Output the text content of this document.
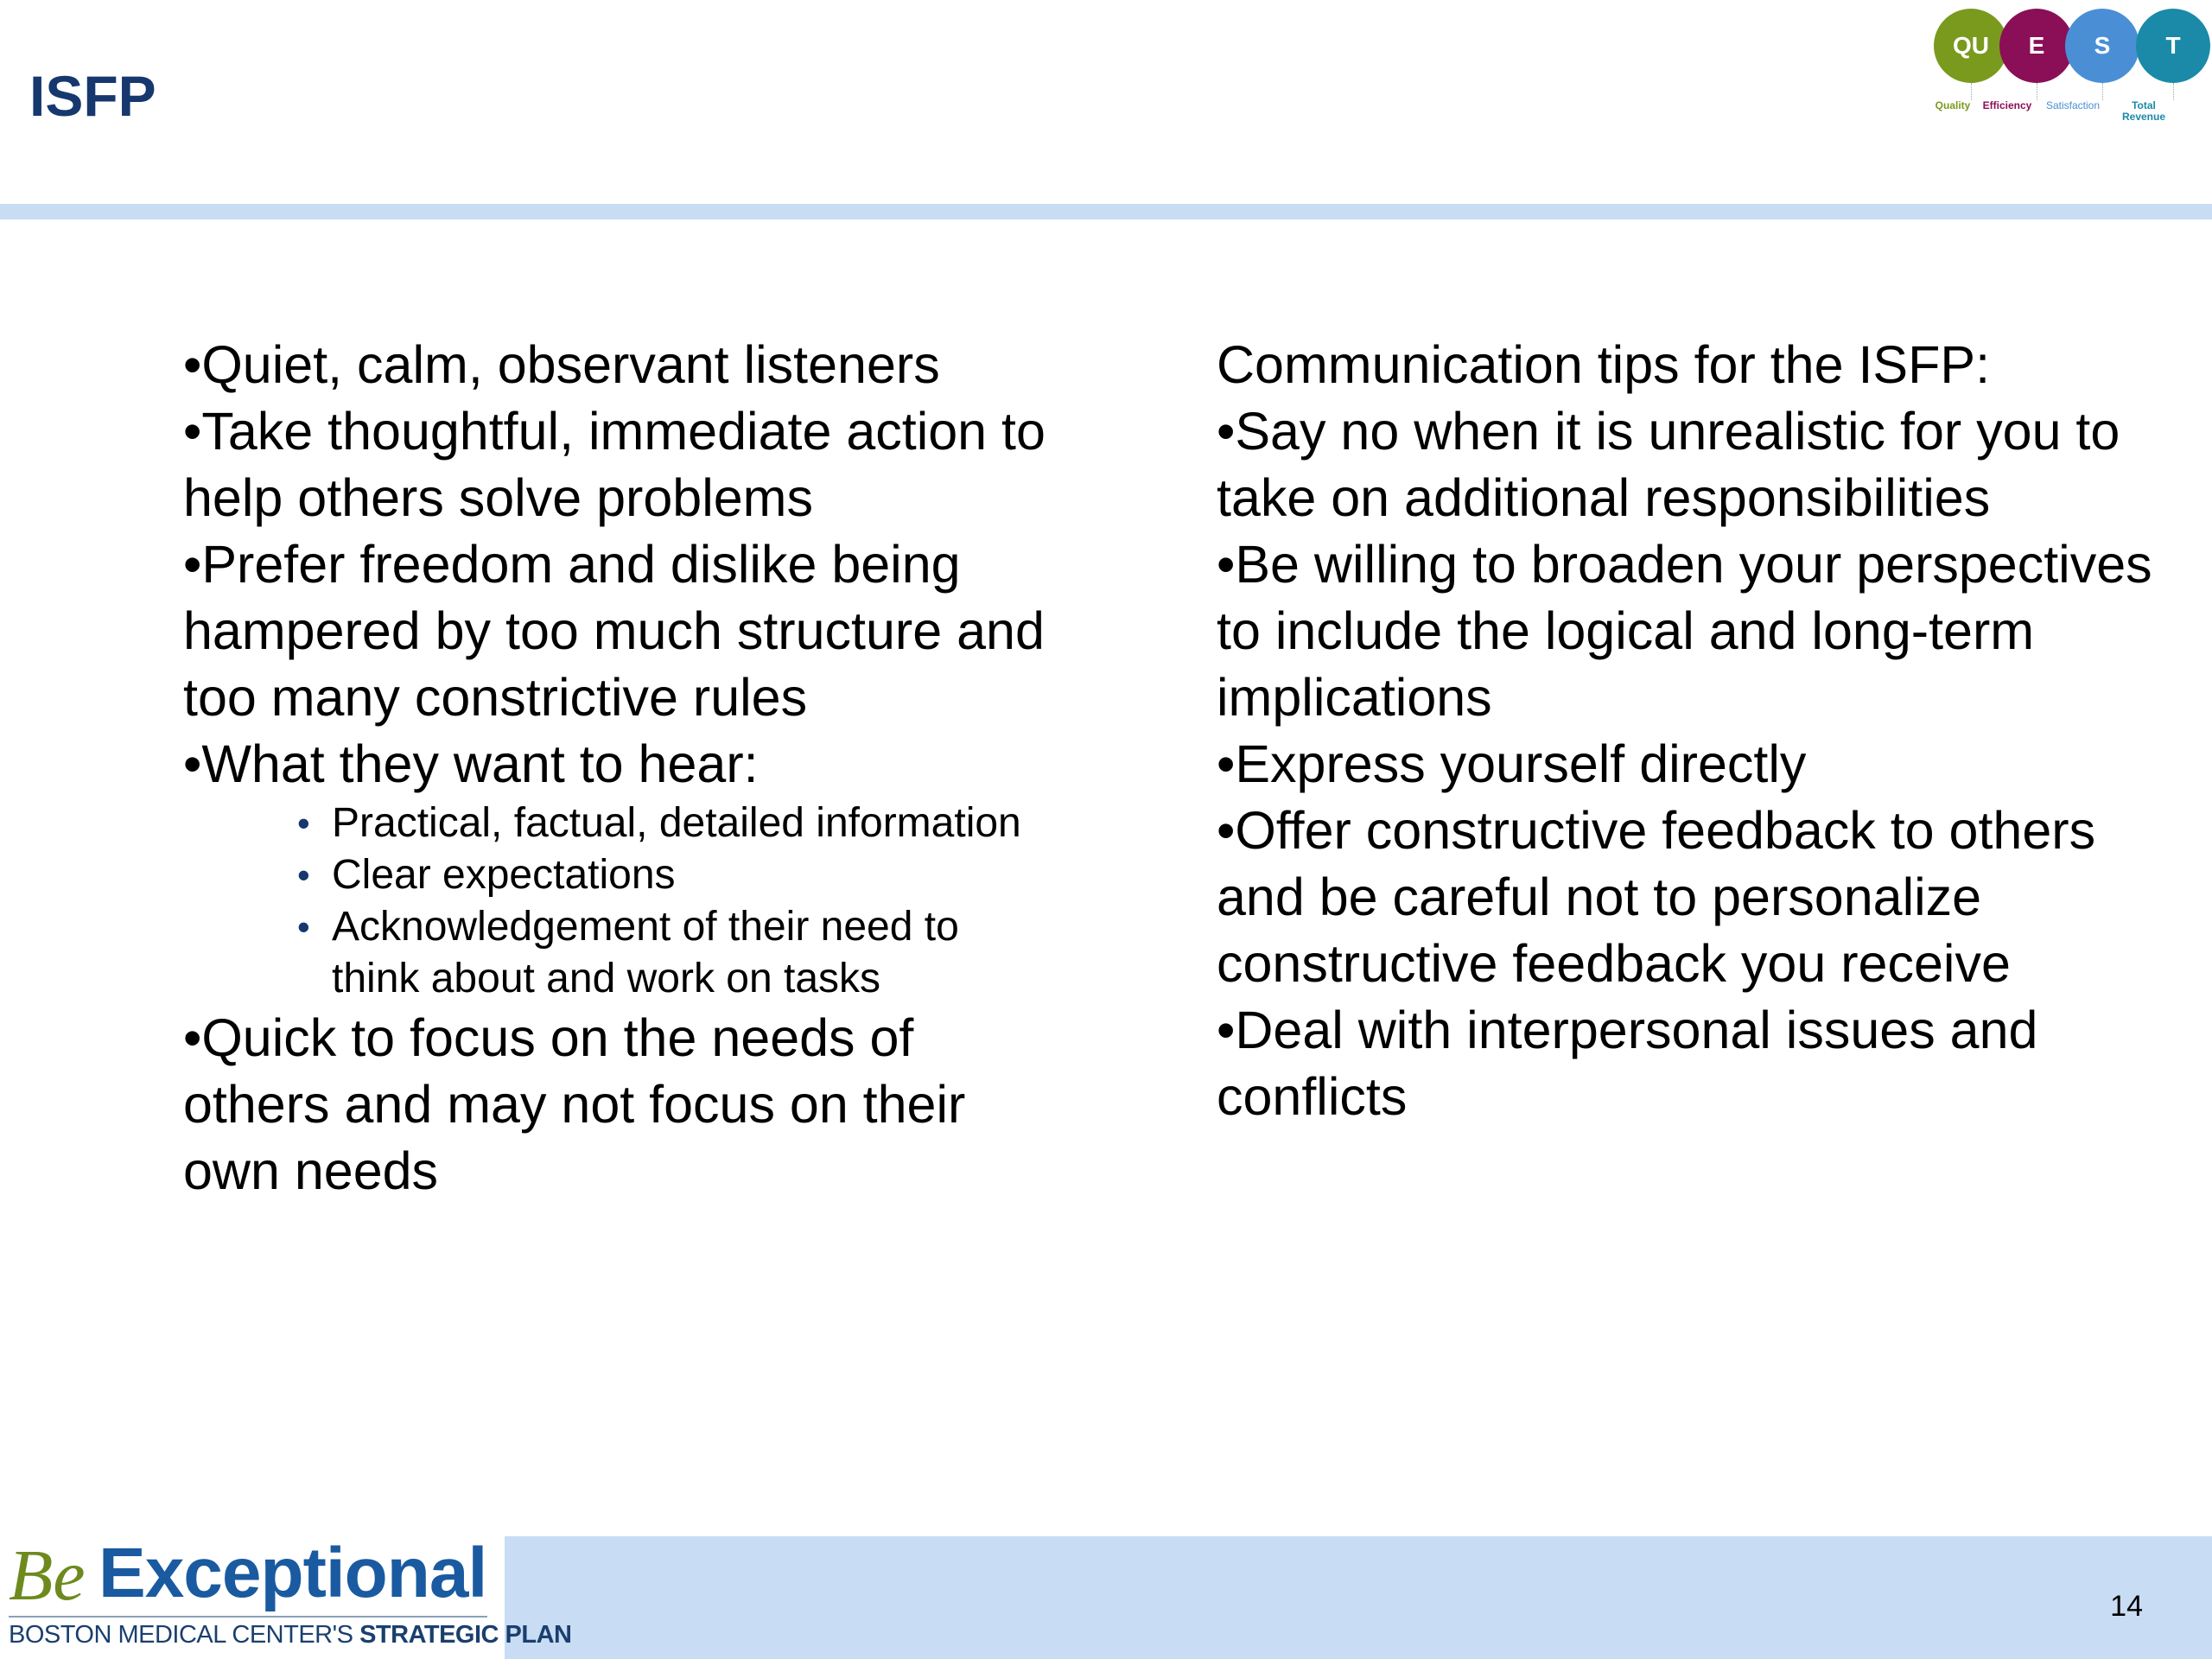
ISFP
QU	E	S	T
Quality	Efficiency	Satisfaction	Total Revenue

•Quiet, calm, observant listeners

•Take thoughtful, immediate action to help others solve problems

•Prefer freedom and dislike being hampered by too much structure and too many constrictive rules

•What they want to hear:

• Practical, factual, detailed information
• Clear expectations
• Acknowledgement of their need to think about and work on tasks

•Quick to focus on the needs of others and may not focus on their own needs

Communication tips for the ISFP:

•Say no when it is unrealistic for you to take on additional responsibilities

•Be willing to broaden your perspectives to include the logical and long-term implications

•Express yourself directly

•Offer constructive feedback to others and be careful not to personalize constructive feedback you receive

•Deal with interpersonal issues and conflicts

Be Exceptional
BOSTON MEDICAL CENTER'S STRATEGIC PLAN
14
